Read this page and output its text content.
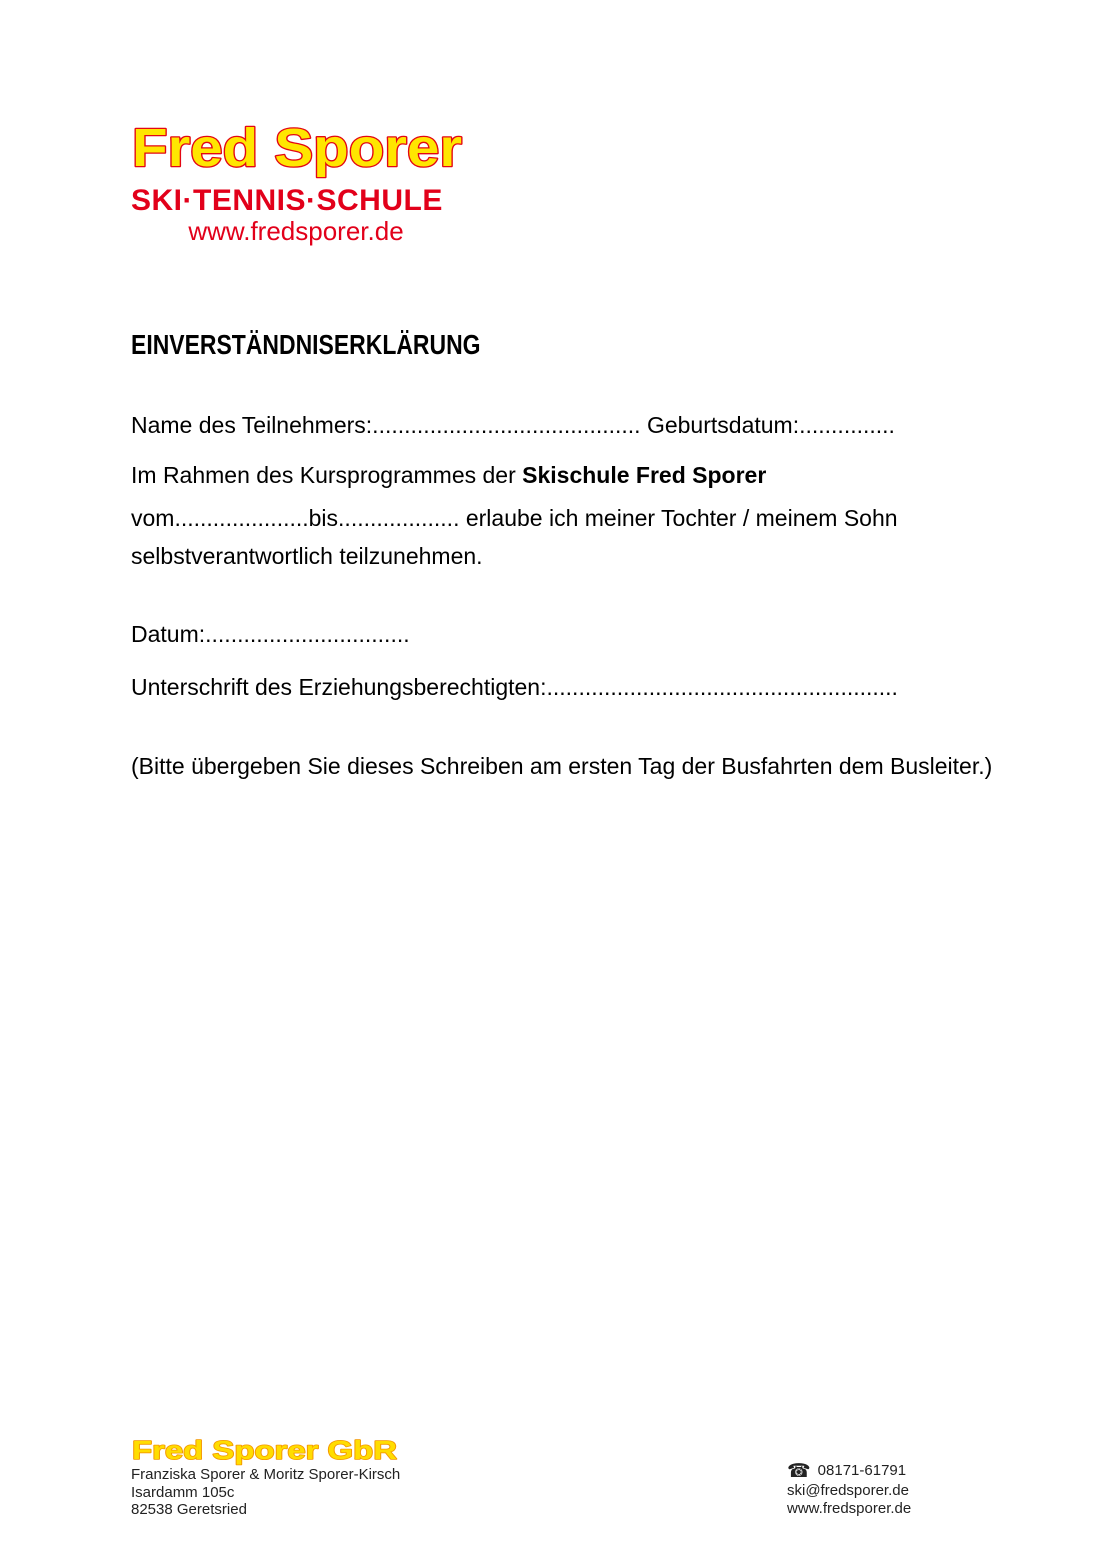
Fred Sporer
SKI·TENNIS·SCHULE
www.fredsporer.de
EINVERSTÄNDNISERKLÄRUNG
Name des Teilnehmers:.......................................... Geburtsdatum:...............
Im Rahmen des Kursprogrammes der Skischule Fred Sporer
vom.....................bis................... erlaube ich meiner Tochter / meinem Sohn
selbstverantwortlich teilzunehmen.
Datum:................................
Unterschrift des Erziehungsberechtigten:.......................................................
(Bitte übergeben Sie dieses Schreiben am ersten Tag der Busfahrten dem Busleiter.)
Fred Sporer GbR
Franziska Sporer & Moritz Sporer-Kirsch
Isardamm 105c
82538 Geretsried
☎ 08171-61791
ski@fredsporer.de
www.fredsporer.de
